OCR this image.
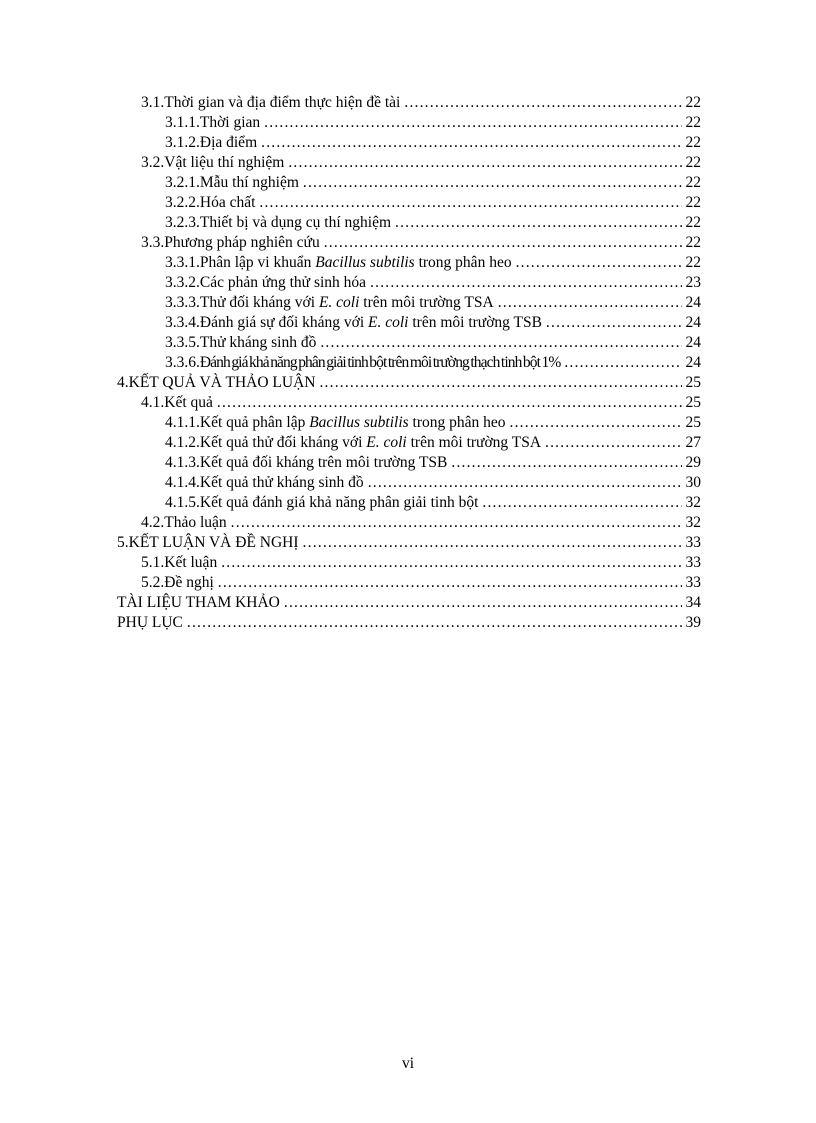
3.1. Thời gian và địa điểm thực hiện đề tài .....	22
3.1.1. Thời gian .....	22
3.1.2. Địa điểm .....	22
3.2. Vật liệu thí nghiệm .....	22
3.2.1. Mẫu thí nghiệm .....	22
3.2.2. Hóa chất .....	22
3.2.3. Thiết bị và dụng cụ thí nghiệm .....	22
3.3. Phương pháp nghiên cứu .....	22
3.3.1. Phân lập vi khuẩn Bacillus subtilis trong phân heo .....	22
3.3.2. Các phản ứng thử sinh hóa .....	23
3.3.3. Thử đối kháng với E. coli trên môi trường TSA .....	24
3.3.4. Đánh giá sự đối kháng với E. coli trên môi trường TSB .....	24
3.3.5. Thử kháng sinh đồ .....	24
3.3.6. Đánh giá khả năng phân giải tinh bột trên môi trường thạch tinh bột 1% .....	24
4. KẾT QUẢ VÀ THẢO LUẬN .....	25
4.1. Kết quả .....	25
4.1.1. Kết quả phân lập Bacillus subtilis trong phân heo .....	25
4.1.2. Kết quả thử đối kháng với E. coli trên môi trường TSA .....	27
4.1.3. Kết quả đối kháng trên môi trường TSB .....	29
4.1.4. Kết quả thử kháng sinh đồ .....	30
4.1.5. Kết quả đánh giá khả năng phân giải tinh bột .....	32
4.2. Thảo luận .....	32
5. KẾT LUẬN VÀ ĐỀ NGHỊ .....	33
5.1. Kết luận .....	33
5.2. Đề nghị .....	33
TÀI LIỆU THAM KHẢO .....	34
PHỤ LỤC .....	39
vi
